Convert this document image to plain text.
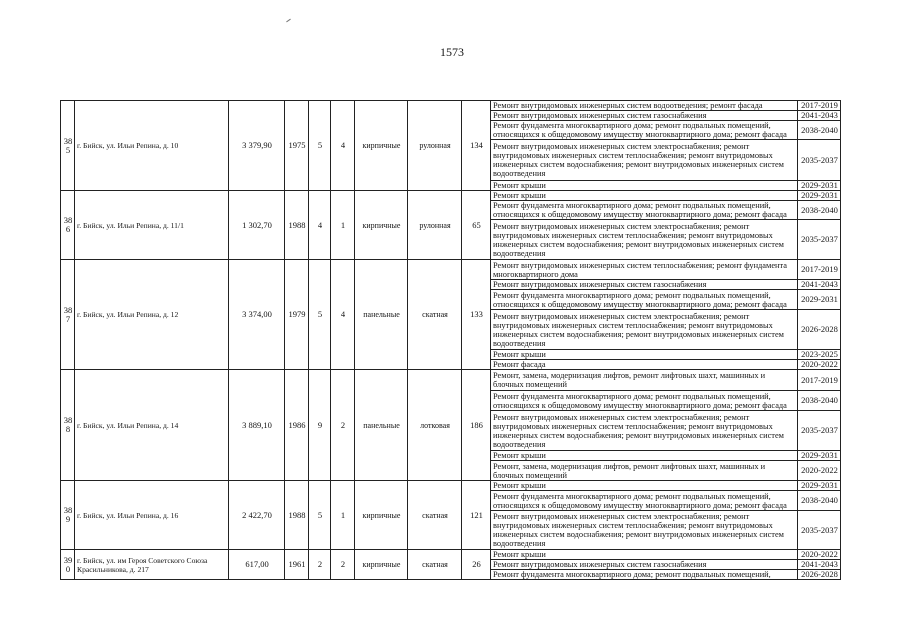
1573
385	г. Бийск, ул. Ильи Репина, д. 10	3 379,90	1975	5	4	кирпичные	рулонная	134	Ремонт внутридомовых инженерных систем водоотведения; ремонт фасада	2017-2019
									Ремонт внутридомовых инженерных систем газоснабжения	2041-2043
									Ремонт фундамента многоквартирного дома; ремонт подвальных помещений, относящихся к общедомовому имуществу многоквартирного дома; ремонт фасада	2038-2040
									Ремонт внутридомовых инженерных систем электроснабжения; ремонт внутридомовых инженерных систем теплоснабжения; ремонт внутридомовых инженерных систем водоснабжения; ремонт внутридомовых инженерных систем водоотведения	2035-2037
									Ремонт крыши	2029-2031
386	г. Бийск, ул. Ильи Репина, д. 11/1	1 302,70	1988	4	1	кирпичные	рулонная	65	Ремонт крыши	2029-2031
									Ремонт фундамента многоквартирного дома; ремонт подвальных помещений, относящихся к общедомовому имуществу многоквартирного дома; ремонт фасада	2038-2040
									Ремонт внутридомовых инженерных систем электроснабжения; ремонт внутридомовых инженерных систем теплоснабжения; ремонт внутридомовых инженерных систем водоснабжения; ремонт внутридомовых инженерных систем водоотведения	2035-2037
387	г. Бийск, ул. Ильи Репина, д. 12	3 374,00	1979	5	4	панельные	скатная	133	Ремонт внутридомовых инженерных систем теплоснабжения; ремонт фундамента многоквартирного дома	2017-2019
									Ремонт внутридомовых инженерных систем газоснабжения	2041-2043
									Ремонт фундамента многоквартирного дома; ремонт подвальных помещений, относящихся к общедомовому имуществу многоквартирного дома; ремонт фасада	2029-2031
									Ремонт внутридомовых инженерных систем электроснабжения; ремонт внутридомовых инженерных систем теплоснабжения; ремонт внутридомовых инженерных систем водоснабжения; ремонт внутридомовых инженерных систем водоотведения	2026-2028
									Ремонт крыши	2023-2025
									Ремонт фасада	2020-2022
388	г. Бийск, ул. Ильи Репина, д. 14	3 889,10	1986	9	2	панельные	лотковая	186	Ремонт, замена, модернизация лифтов, ремонт лифтовых шахт, машинных и блочных помещений	2017-2019
									Ремонт фундамента многоквартирного дома; ремонт подвальных помещений, относящихся к общедомовому имуществу многоквартирного дома; ремонт фасада	2038-2040
									Ремонт внутридомовых инженерных систем электроснабжения; ремонт внутридомовых инженерных систем теплоснабжения; ремонт внутридомовых инженерных систем водоснабжения; ремонт внутридомовых инженерных систем водоотведения	2035-2037
									Ремонт крыши	2029-2031
									Ремонт, замена, модернизация лифтов, ремонт лифтовых шахт, машинных и блочных помещений	2020-2022
389	г. Бийск, ул. Ильи Репина, д. 16	2 422,70	1988	5	1	кирпичные	скатная	121	Ремонт крыши	2029-2031
									Ремонт фундамента многоквартирного дома; ремонт подвальных помещений, относящихся к общедомовому имуществу многоквартирного дома; ремонт фасада	2038-2040
									Ремонт внутридомовых инженерных систем электроснабжения; ремонт внутридомовых инженерных систем теплоснабжения; ремонт внутридомовых инженерных систем водоснабжения; ремонт внутридомовых инженерных систем водоотведения	2035-2037
390	г. Бийск, ул. им Героя Советского Союза Красильникова, д. 217	617,00	1961	2	2	кирпичные	скатная	26	Ремонт крыши	2020-2022
									Ремонт внутридомовых инженерных систем газоснабжения	2041-2043
									Ремонт фундамента многоквартирного дома; ремонт подвальных помещений,	2026-2028
